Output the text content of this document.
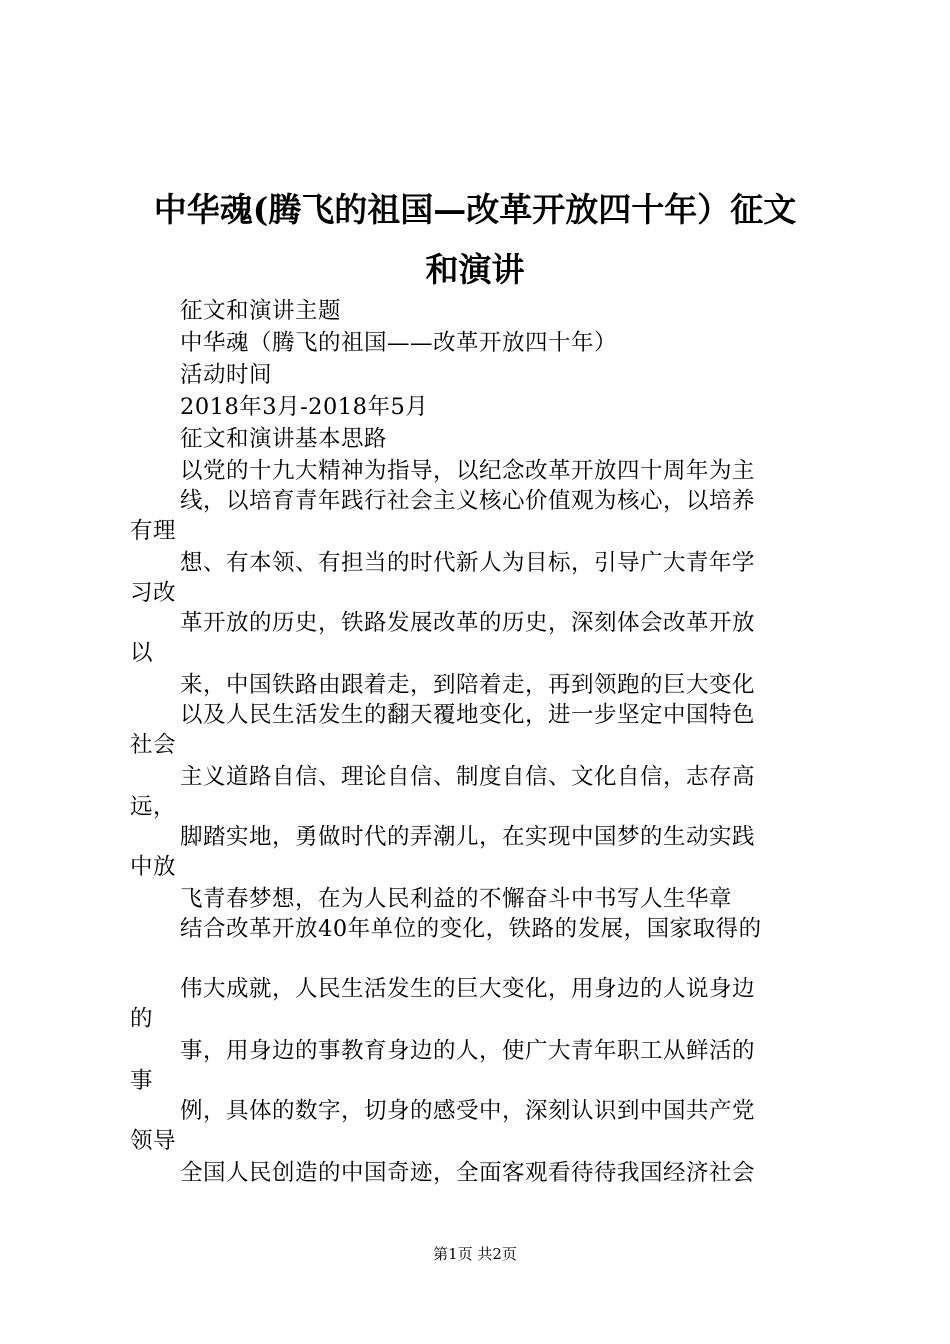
中华魂(腾飞的祖国—改革开放四十年）征文
和演讲
征文和演讲主题
中华魂（腾飞的祖国——改革开放四十年）
活动时间
2018年3月-2018年5月
征文和演讲基本思路
以党的十九大精神为指导，以纪念改革开放四十周年为主
线，以培育青年践行社会主义核心价值观为核心，以培养
有理
想、有本领、有担当的时代新人为目标，引导广大青年学
习改
革开放的历史，铁路发展改革的历史，深刻体会改革开放
以
来，中国铁路由跟着走，到陪着走，再到领跑的巨大变化
以及人民生活发生的翻天覆地变化，进一步坚定中国特色
社会
主义道路自信、理论自信、制度自信、文化自信，志存高
远，
脚踏实地，勇做时代的弄潮儿，在实现中国梦的生动实践
中放
飞青春梦想，在为人民利益的不懈奋斗中书写人生华章
结合改革开放40年单位的变化，铁路的发展，国家取得的
伟大成就，人民生活发生的巨大变化，用身边的人说身边
的
事，用身边的事教育身边的人，使广大青年职工从鲜活的
事
例，具体的数字，切身的感受中，深刻认识到中国共产党
领导
全国人民创造的中国奇迹，全面客观看待待我国经济社会
第1页 共2页
